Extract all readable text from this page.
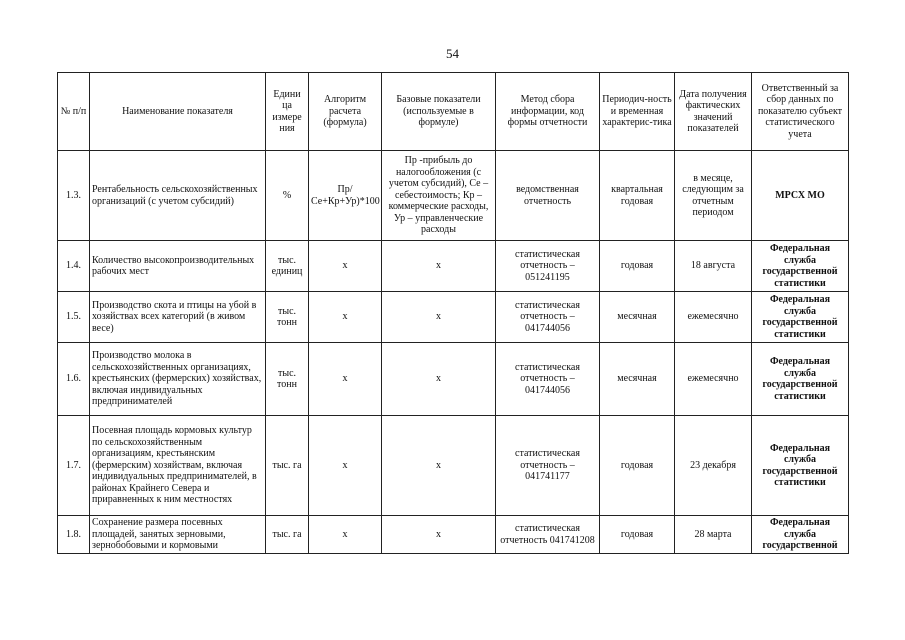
54
№ п/п	Наименование показателя	Едини ца измере ния	Алгоритм расчета (формула)	Базовые показатели (используемые в формуле)	Метод сбора информации, код формы отчетности	Периодич-ность и временная характерис-тика	Дата получения фактических значений показателей	Ответственный за сбор данных по показателю субъект статистического учета
1.3.	Рентабельность сельскохозяйственных организаций (с учетом субсидий)	%	Пр/Се+Кр+Ур)*100	Пр -прибыль до налогообложения (с учетом субсидий), Се – себестоимость; Кр – коммерческие расходы, Ур – управленческие расходы	ведомственная отчетность	квартальная годовая	в месяце, следующим за отчетным периодом	МРСХ МО
1.4.	Количество высокопроизводительных рабочих мест	тыс. единиц	х	х	статистическая отчетность – 051241195	годовая	18 августа	Федеральная служба государственной статистики
1.5.	Производство скота и птицы на убой в хозяйствах всех категорий (в живом весе)	тыс. тонн	х	х	статистическая отчетность – 041744056	месячная	ежемесячно	Федеральная служба государственной статистики
1.6.	Производство молока в сельскохозяйственных организациях, крестьянских (фермерских) хозяйствах, включая индивидуальных предпринимателей	тыс. тонн	х	х	статистическая отчетность – 041744056	месячная	ежемесячно	Федеральная служба государственной статистики
1.7.	Посевная площадь кормовых культур по сельскохозяйственным организациям, крестьянским (фермерским) хозяйствам, включая индивидуальных предпринимателей, в районах Крайнего Севера и приравненных к ним местностях	тыс. га	х	х	статистическая отчетность – 041741177	годовая	23 декабря	Федеральная служба государственной статистики
1.8.	Сохранение размера посевных площадей, занятых зерновыми, зернобобовыми и кормовыми	тыс. га	х	х	статистическая отчетность 041741208	годовая	28 марта	Федеральная служба государственной
